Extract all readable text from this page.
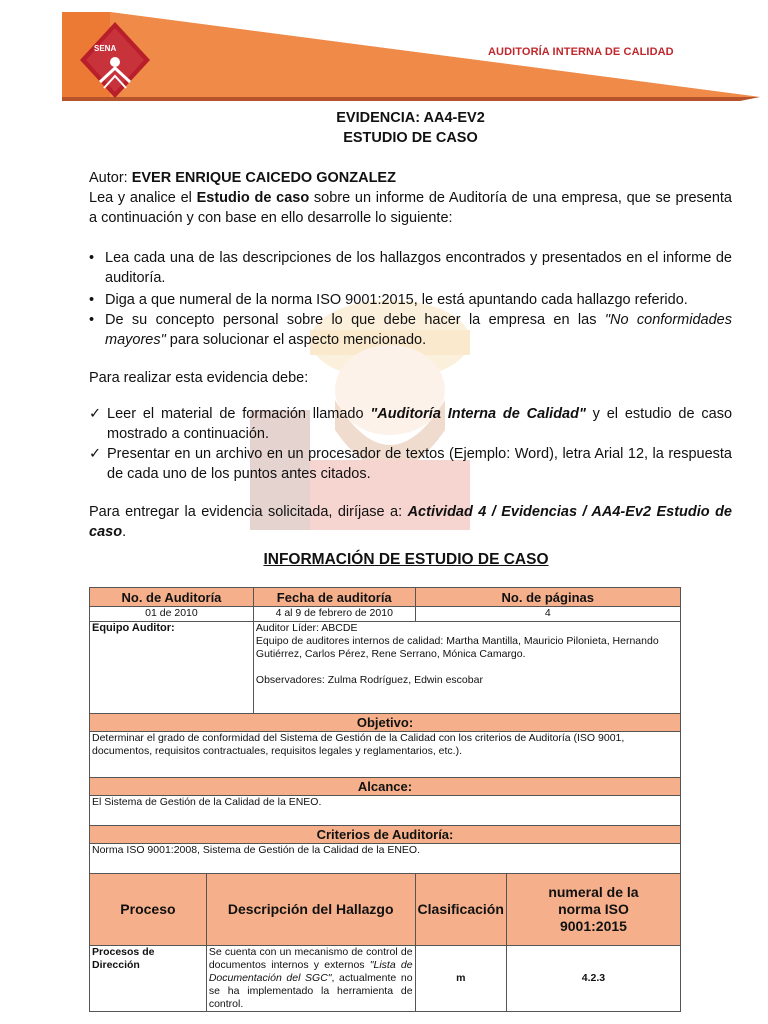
SENA	AUDITORÍA INTERNA DE CALIDAD
EVIDENCIA: AA4-EV2
ESTUDIO DE CASO

Autor: EVER ENRIQUE CAICEDO GONZALEZ

Lea y analice el Estudio de caso sobre un informe de Auditoría de una empresa, que se presenta a continuación y con base en ello desarrolle lo siguiente:

• Lea cada una de las descripciones de los hallazgos encontrados y presentados en el informe de auditoría.
• Diga a que numeral de la norma ISO 9001:2015, le está apuntando cada hallazgo referido.
• De su concepto personal sobre lo que debe hacer la empresa en las "No conformidades mayores" para solucionar el aspecto mencionado.

Para realizar esta evidencia debe:

✓ Leer el material de formación llamado "Auditoría Interna de Calidad" y el estudio de caso mostrado a continuación.
✓ Presentar en un archivo en un procesador de textos (Ejemplo: Word), letra Arial 12, la respuesta de cada uno de los puntos antes citados.

Para entregar la evidencia solicitada, diríjase a: Actividad 4 / Evidencias / AA4-Ev2 Estudio de caso.

INFORMACIÓN DE ESTUDIO DE CASO
No. de Auditoría		Fecha de auditoría	No. de páginas	
01 de 2010		4 al 9 de febrero de 2010	4	
Equipo Auditor:		Auditor Líder: ABCDE
Equipo de auditores internos de calidad: Martha Mantilla, Mauricio Pilonieta, Hernando Gutiérrez, Carlos Pérez, Rene Serrano, Mónica Camargo.
Observadores: Zulma Rodríguez, Edwin escobar		

Objetivo:				
Determinar el grado de conformidad del Sistema de Gestión de la Calidad con los criterios de Auditoría (ISO 9001, documentos, requisitos contractuales, requisitos legales y reglamentarios, etc.).				
Alcance:				
El Sistema de Gestión de la Calidad de la ENEO.				
Criterios de Auditoría:				
Norma ISO 9001:2008, Sistema de Gestión de la Calidad de la ENEO.				
Proceso	Descripción del Hallazgo		Clasificación	numeral de la norma ISO 9001:2015
Procesos de Dirección	Se cuenta con un mecanismo de control de documentos internos y externos "Lista de Documentación del SGC", actualmente no se ha implementado la herramienta de control.		m	4.2.3
